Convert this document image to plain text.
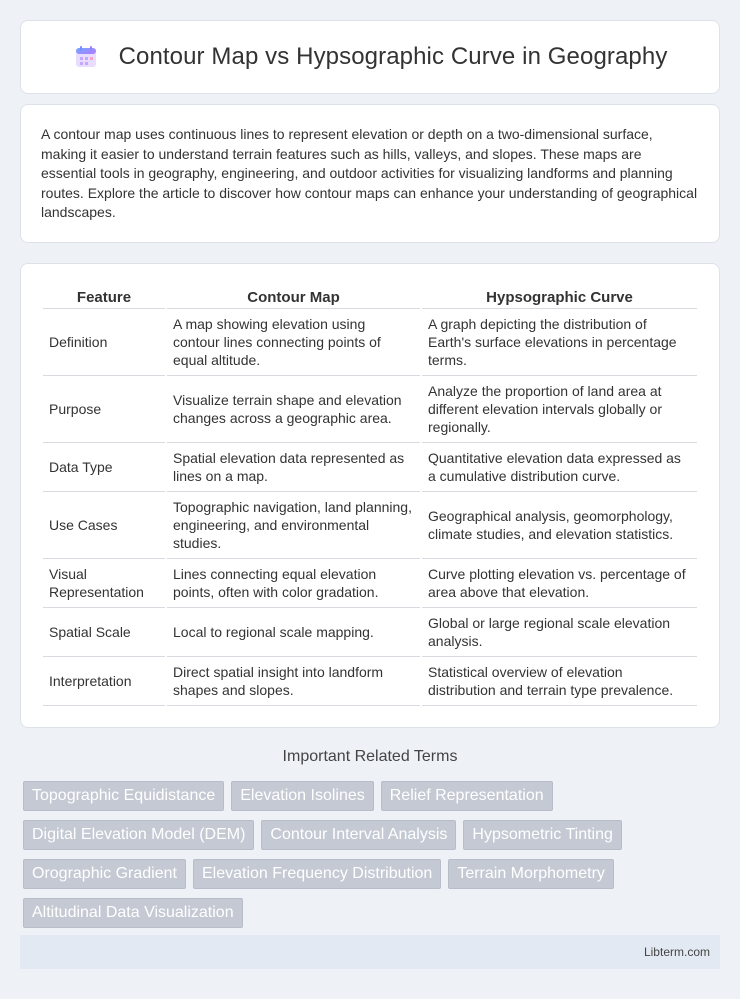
Contour Map vs Hypsographic Curve in Geography

A contour map uses continuous lines to represent elevation or depth on a two-dimensional surface, making it easier to understand terrain features such as hills, valleys, and slopes. These maps are essential tools in geography, engineering, and outdoor activities for visualizing landforms and planning routes. Explore the article to discover how contour maps can enhance your understanding of geographical landscapes.

Feature	Contour Map	Hypsographic Curve
Definition	A map showing elevation using contour lines connecting points of equal altitude.	A graph depicting the distribution of Earth's surface elevations in percentage terms.
Purpose	Visualize terrain shape and elevation changes across a geographic area.	Analyze the proportion of land area at different elevation intervals globally or regionally.
Data Type	Spatial elevation data represented as lines on a map.	Quantitative elevation data expressed as a cumulative distribution curve.
Use Cases	Topographic navigation, land planning, engineering, and environmental studies.	Geographical analysis, geomorphology, climate studies, and elevation statistics.
Visual Representation	Lines connecting equal elevation points, often with color gradation.	Curve plotting elevation vs. percentage of area above that elevation.
Spatial Scale	Local to regional scale mapping.	Global or large regional scale elevation analysis.
Interpretation	Direct spatial insight into landform shapes and slopes.	Statistical overview of elevation distribution and terrain type prevalence.
Important Related Terms
Topographic Equidistance	Elevation Isolines	Relief Representation
Digital Elevation Model (DEM)	Contour Interval Analysis	Hypsometric Tinting
Orographic Gradient	Elevation Frequency Distribution	Terrain Morphometry
Altitudinal Data Visualization
Libterm.com
